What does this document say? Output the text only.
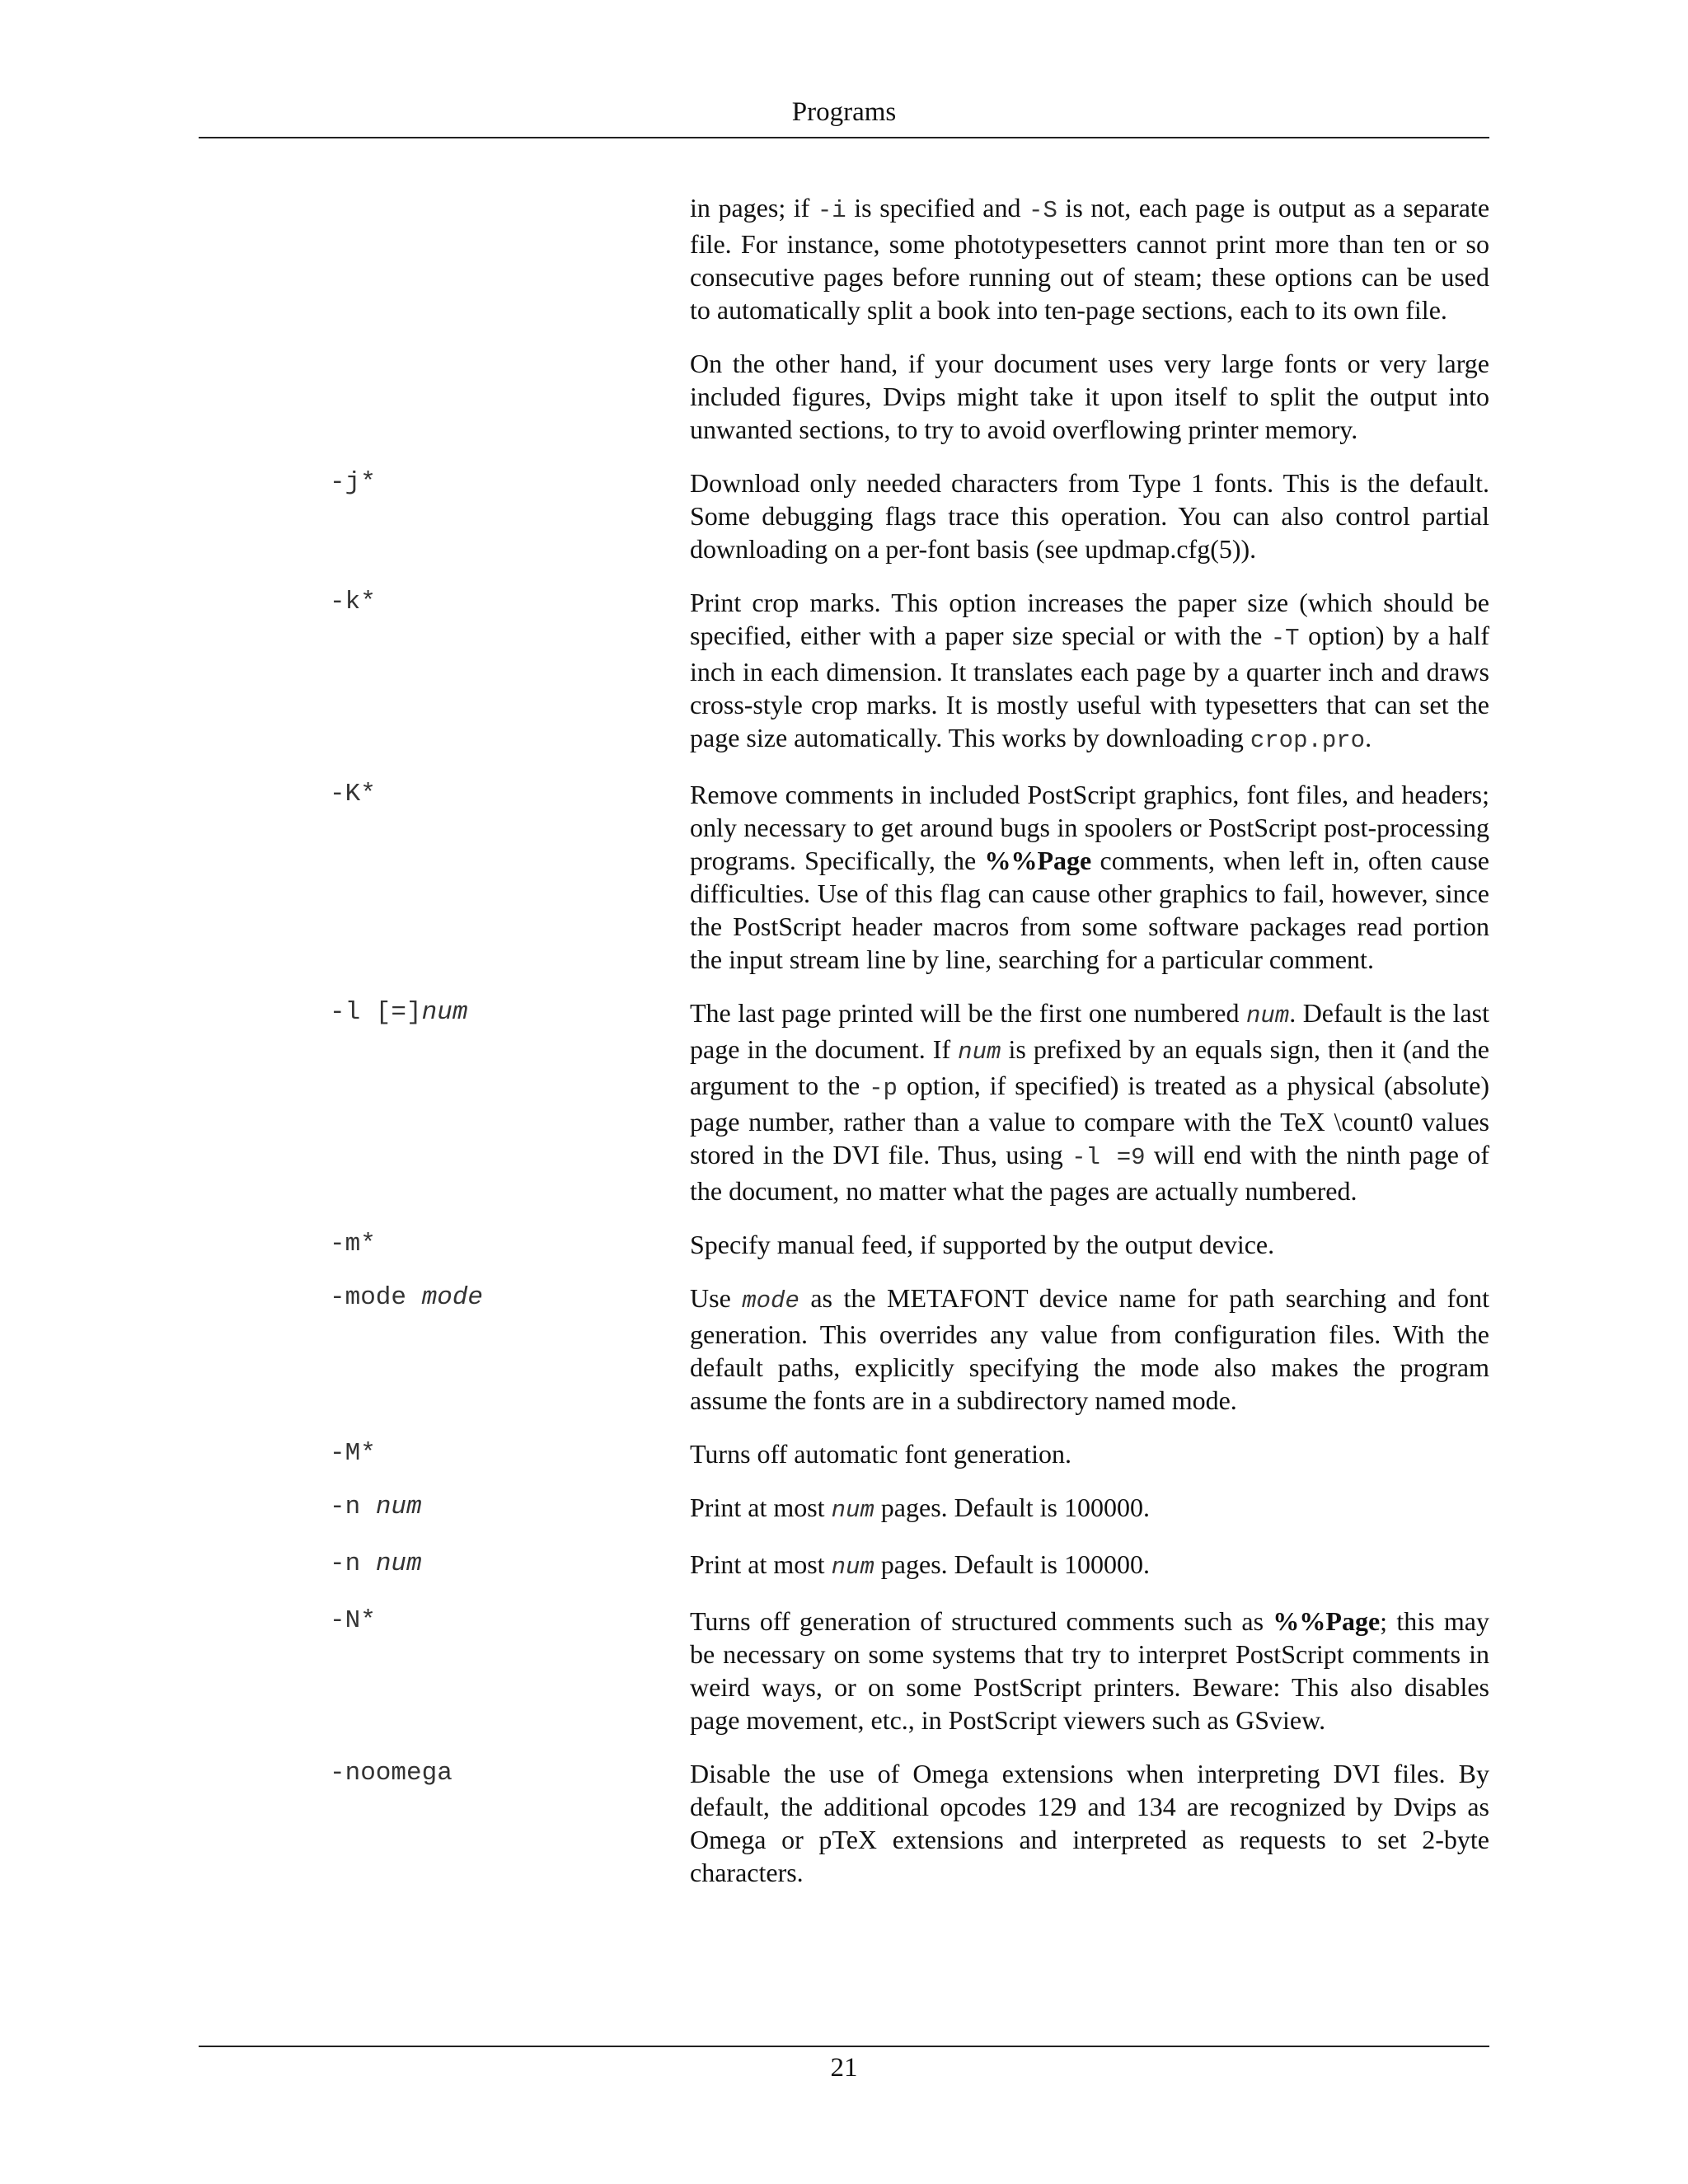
Programs

in pages; if -i is specified and -S is not, each page is output as a separate file. For instance, some phototypesetters cannot print more than ten or so consecutive pages before running out of steam; these options can be used to automatically split a book into ten-page sections, each to its own file.

On the other hand, if your document uses very large fonts or very large included figures, Dvips might take it upon itself to split the output into unwanted sections, to try to avoid overflowing printer memory.

-j*	Download only needed characters from Type 1 fonts. This is the default. Some debugging flags trace this operation. You can also control partial downloading on a per-font basis (see updmap.cfg(5)).
-k*	Print crop marks. This option increases the paper size (which should be specified, either with a paper size special or with the -T option) by a half inch in each dimension. It translates each page by a quarter inch and draws cross-style crop marks. It is mostly useful with typesetters that can set the page size automatically. This works by downloading crop.pro.
-K*	Remove comments in included PostScript graphics, font files, and headers; only necessary to get around bugs in spoolers or PostScript post-processing programs. Specifically, the %%Page comments, when left in, often cause difficulties. Use of this flag can cause other graphics to fail, however, since the PostScript header macros from some software packages read portion the input stream line by line, searching for a particular comment.
-l [=]num	The last page printed will be the first one numbered num. Default is the last page in the document. If num is prefixed by an equals sign, then it (and the argument to the -p option, if specified) is treated as a physical (absolute) page number, rather than a value to compare with the TeX \count0 values stored in the DVI file. Thus, using -l =9 will end with the ninth page of the document, no matter what the pages are actually numbered.
-m*	Specify manual feed, if supported by the output device.
-mode mode	Use mode as the METAFONT device name for path searching and font generation. This overrides any value from configuration files. With the default paths, explicitly specifying the mode also makes the program assume the fonts are in a subdirectory named mode.
-M*	Turns off automatic font generation.
-n num	Print at most num pages. Default is 100000.
-n num	Print at most num pages. Default is 100000.
-N*	Turns off generation of structured comments such as %%Page; this may be necessary on some systems that try to interpret PostScript comments in weird ways, or on some PostScript printers. Beware: This also disables page movement, etc., in PostScript viewers such as GSview.
-noomega	Disable the use of Omega extensions when interpreting DVI files. By default, the additional opcodes 129 and 134 are recognized by Dvips as Omega or pTeX extensions and interpreted as requests to set 2-byte characters.
21
